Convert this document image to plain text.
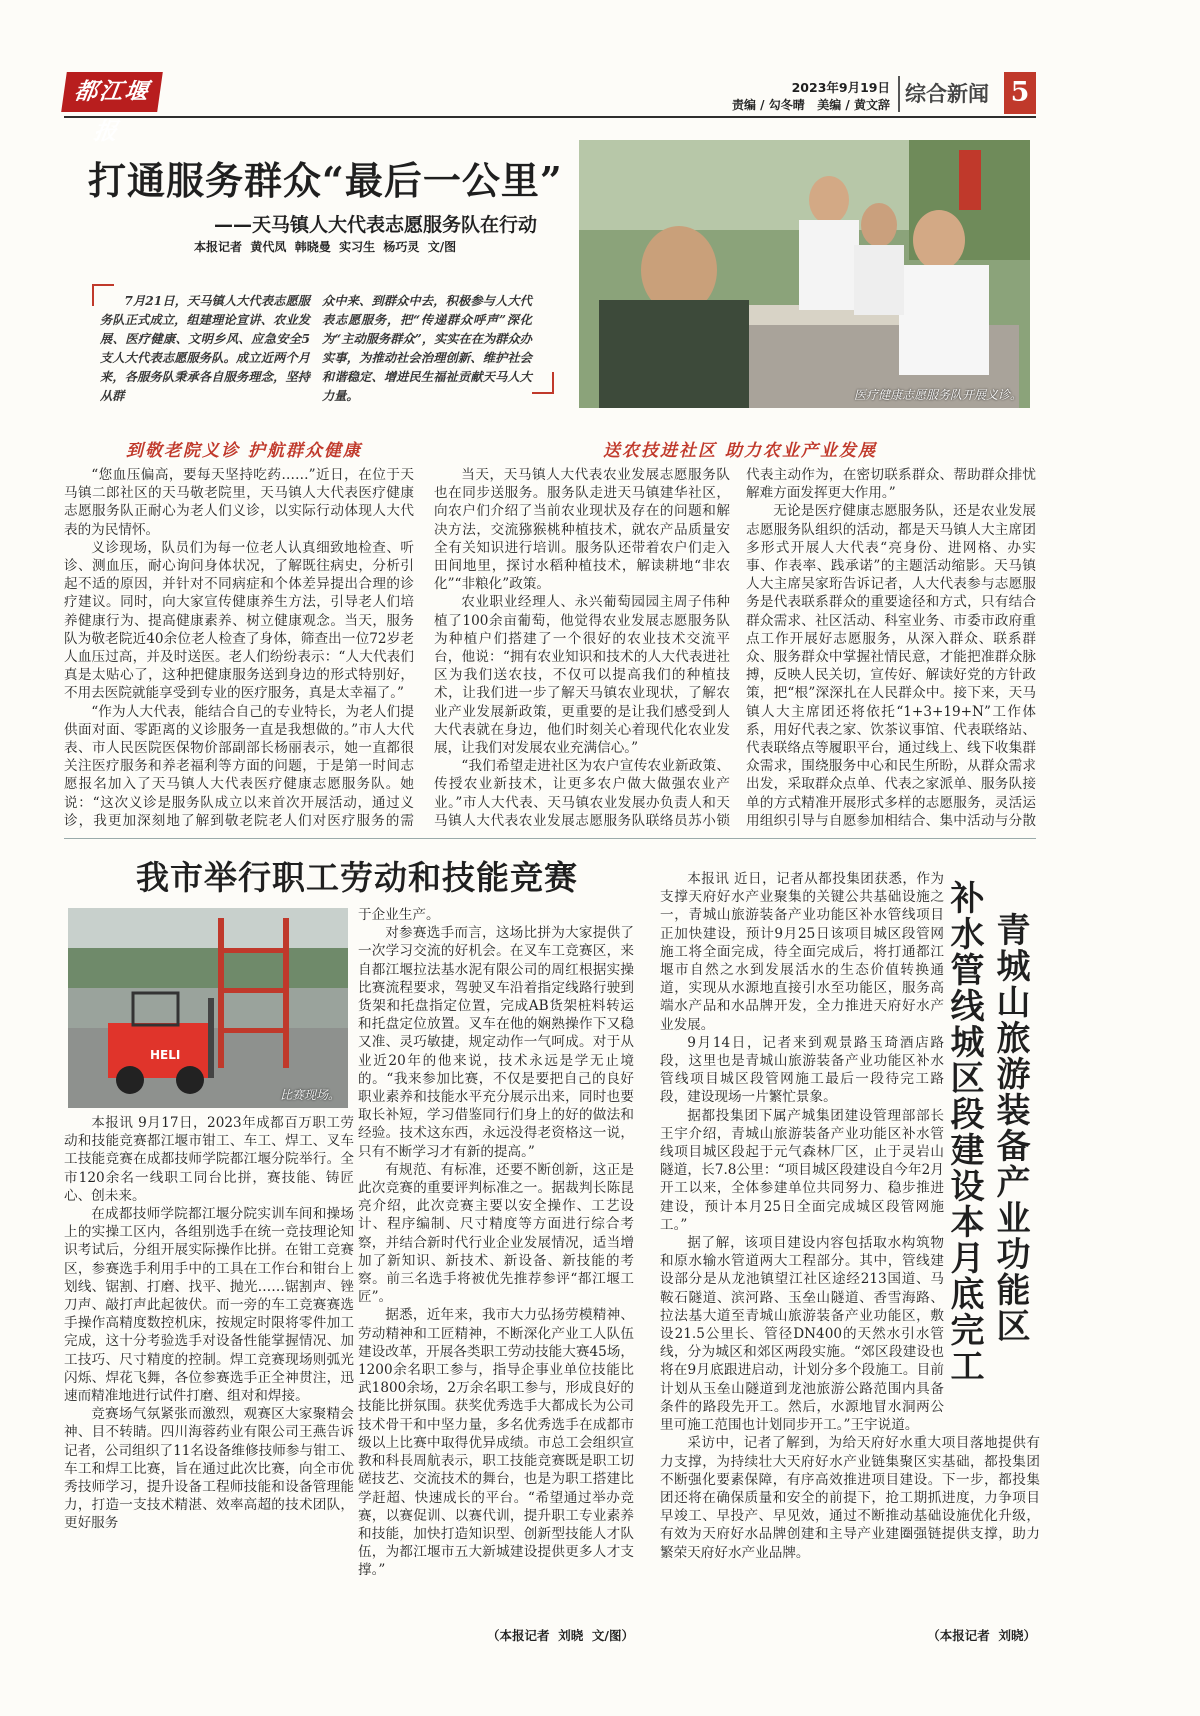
都江堰报
2023年9月19日
责编 / 勾冬晴   美编 / 黄文辞 综合新闻 5
打通服务群众“最后一公里”
——天马镇人大代表志愿服务队在行动
本报记者  黄代凤  韩晓曼  实习生  杨巧灵  文/图
7月21日，天马镇人大代表志愿服务队正式成立，组建理论宣讲、农业发展、医疗健康、文明乡风、应急安全5支人大代表志愿服务队。成立近两个月来，各服务队秉承各自服务理念，坚持从群
众中来、到群众中去，积极参与人大代表志愿服务，把“传递群众呼声”深化为“主动服务群众”，实实在在为群众办实事，为推动社会治理创新、维护社会和谐稳定、增进民生福祉贡献天马人大力量。	医疗健康志愿服务队开展义诊。
到敬老院义诊 护航群众健康	送农技进社区 助力农业产业发展

“您血压偏高，要每天坚持吃药……”近日，在位于天马镇二郎社区的天马敬老院里，天马镇人大代表医疗健康志愿服务队正耐心为老人们义诊，以实际行动体现人大代表的为民情怀。

义诊现场，队员们为每一位老人认真细致地检查、听诊、测血压，耐心询问身体状况，了解既往病史，分析引起不适的原因，并针对不同病症和个体差异提出合理的诊疗建议。同时，向大家宣传健康养生方法，引导老人们培养健康行为、提高健康素养、树立健康观念。当天，服务队为敬老院近40余位老人检查了身体，筛查出一位72岁老人血压过高，并及时送医。老人们纷纷表示：“人大代表们真是太贴心了，这种把健康服务送到身边的形式特别好，不用去医院就能享受到专业的医疗服务，真是太幸福了。”

“作为人大代表，能结合自己的专业特长，为老人们提供面对面、零距离的义诊服务一直是我想做的。”市人大代表、市人民医院医保物价部副部长杨丽表示，她一直都很关注医疗服务和养老福利等方面的问题，于是第一时间志愿报名加入了天马镇人大代表医疗健康志愿服务队。她说：“这次义诊是服务队成立以来首次开展活动，通过义诊，我更加深刻地了解到敬老院老人们对医疗服务的需

当天，天马镇人大代表农业发展志愿服务队也在同步送服务。服务队走进天马镇建华社区，向农户们介绍了当前农业现状及存在的问题和解决方法，交流猕猴桃种植技术，就农产品质量安全有关知识进行培训。服务队还带着农户们走入田间地里，探讨水稻种植技术，解读耕地“非农化”“非粮化”政策。

农业职业经理人、永兴葡萄园园主周子伟种植了100余亩葡萄，他觉得农业发展志愿服务队为种植户们搭建了一个很好的农业技术交流平台，他说：“拥有农业知识和技术的人大代表进社区为我们送农技，不仅可以提高我们的种植技术，让我们进一步了解天马镇农业现状，了解农业产业发展新政策，更重要的是让我们感受到人大代表就在身边，他们时刻关心着现代化农业发展，让我们对发展农业充满信心。”

“我们希望走进社区为农户宣传农业新政策、传授农业新技术，让更多农户做大做强农业产业。”市人大代表、天马镇农业发展办负责人和天马镇人大代表农业发展志愿服务队联络员苏小锁

代表主动作为，在密切联系群众、帮助群众排忧解难方面发挥更大作用。”

无论是医疗健康志愿服务队，还是农业发展志愿服务队组织的活动，都是天马镇人大主席团多形式开展人大代表“亮身份、进网格、办实事、作表率、践承诺”的主题活动缩影。天马镇人大主席吴家珩告诉记者，人大代表参与志愿服务是代表联系群众的重要途径和方式，只有结合群众需求、社区活动、科室业务、市委市政府重点工作开展好志愿服务，从深入群众、联系群众、服务群众中掌握社情民意，才能把准群众脉搏，反映人民关切，宣传好、解读好党的方针政策，把“根”深深扎在人民群众中。接下来，天马镇人大主席团还将依托“1+3+19+N”工作体系，用好代表之家、饮茶议事馆、代表联络站、代表联络点等履职平台，通过线上、线下收集群众需求，围绕服务中心和民生所盼，从群众需求出发，采取群众点单、代表之家派单、服务队接单的方式精准开展形式多样的志愿服务，灵活运用组织引导与自愿参加相结合、集中活动与分散

我市举行职工劳动和技能竞赛
HELI
比赛现场。

本报讯 9月17日，2023年成都百万职工劳动和技能竞赛都江堰市钳工、车工、焊工、叉车工技能竞赛在成都技师学院都江堰分院举行。全市120余名一线职工同台比拼，赛技能、铸匠心、创未来。

在成都技师学院都江堰分院实训车间和操场上的实操工区内，各组别选手在统一竞技理论知识考试后，分组开展实际操作比拼。在钳工竞赛区，参赛选手利用手中的工具在工作台和钳台上划线、锯割、打磨、找平、抛光……锯割声、锉刀声、敲打声此起彼伏。而一旁的车工竞赛赛选手操作高精度数控机床，按规定时限将零件加工完成，这十分考验选手对设备性能掌握情况、加工技巧、尺寸精度的控制。焊工竞赛现场则弧光闪烁、焊花飞舞，各位参赛选手正全神贯注，迅速而精准地进行试件打磨、组对和焊接。

竞赛场气氛紧张而激烈，观赛区大家聚精会神、目不转睛。四川海蓉药业有限公司王燕告诉记者，公司组织了11名设备维修技师参与钳工、车工和焊工比赛，旨在通过此次比赛，向全市优秀技师学习，提升设备工程师技能和设备管理能力，打造一支技术精湛、效率高超的技术团队，更好服务

于企业生产。

对参赛选手而言，这场比拼为大家提供了一次学习交流的好机会。在叉车工竞赛区，来自都江堰拉法基水泥有限公司的周红根据实操比赛流程要求，驾驶叉车沿着指定线路行驶到货架和托盘指定位置，完成AB货架桩料转运和托盘定位放置。叉车在他的娴熟操作下又稳又准、灵巧敏捷，规定动作一气呵成。对于从业近20年的他来说，技术永远是学无止境的。“我来参加比赛，不仅是要把自己的良好职业素养和技能水平充分展示出来，同时也要取长补短，学习借鉴同行们身上的好的做法和经验。技术这东西，永远没得老资格这一说，只有不断学习才有新的提高。”

有规范、有标准，还要不断创新，这正是此次竞赛的重要评判标准之一。据裁判长陈昆亮介绍，此次竞赛主要以安全操作、工艺设计、程序编制、尺寸精度等方面进行综合考察，并结合新时代行业企业发展情况，适当增加了新知识、新技术、新设备、新技能的考察。前三名选手将被优先推荐参评“都江堰工匠”。

据悉，近年来，我市大力弘扬劳模精神、劳动精神和工匠精神，不断深化产业工人队伍建设改革，开展各类职工劳动技能大赛45场，1200余名职工参与，指导企事业单位技能比武1800余场，2万余名职工参与，形成良好的技能比拼氛围。获奖优秀选手大都成长为公司技术骨干和中坚力量，多名优秀选手在成都市级以上比赛中取得优异成绩。市总工会组织宣教和科長周航表示，职工技能竞赛既是职工切磋技艺、交流技术的舞台，也是为职工搭建比学赶超、快速成长的平台。“希望通过举办竞赛，以赛促训、以赛代训，提升职工专业素养和技能，加快打造知识型、创新型技能人才队伍，为都江堰市五大新城建设提供更多人才支撑。”

（本报记者  刘晓  文/图）
青城山旅游装备产业功能区
补水管线城区段建设本月底完工

本报讯 近日，记者从都投集团获悉，作为支撑天府好水产业聚集的关键公共基础设施之一，青城山旅游装备产业功能区补水管线项目正加快建设，预计9月25日该项目城区段管网施工将全面完成，待全面完成后，将打通都江堰市自然之水到发展活水的生态价值转换通道，实现从水源地直接引水至功能区，服务高端水产品和水品牌开发，全力推进天府好水产业发展。

9月14日，记者来到观景路玉琦酒店路段，这里也是青城山旅游装备产业功能区补水管线项目城区段管网施工最后一段待完工路段，建设现场一片繁忙景象。

据都投集团下属产城集团建设管理部部长王宇介绍，青城山旅游装备产业功能区补水管线项目城区段起于元气森林厂区，止于灵岩山隧道，长7.8公里：“项目城区段建设自今年2月开工以来，全体参建单位共同努力、稳步推进建设，预计本月25日全面完成城区段管网施工。”

据了解，该项目建设内容包括取水构筑物和原水输水管道两大工程部分。其中，管线建设部分是从龙池镇望江社区途经213国道、马鞍石隧道、滨河路、玉垒山隧道、香雪海路、拉法基大道至青城山旅游装备产业功能区，敷设21.5公里长、管径DN400的天然水引水管线，分为城区和郊区两段实施。“郊区段建设也将在9月底跟进启动，计划分多个段施工。目前计划从玉垒山隧道到龙池旅游公路范围内具备条件的路段先开工。然后，水源地冒水洞两公里可施工范围也计划同步开工。”王宇说道。

采访中，记者了解到，为给天府好水重大项目落地提供有力支撑，为持续壮大天府好水产业链集聚区实基础，都投集团不断强化要素保障，有序高效推进项目建设。下一步，都投集团还将在确保质量和安全的前提下，抢工期抓进度，力争项目早竣工、早投产、早见效，通过不断推动基础设施优化升级，有效为天府好水品牌创建和主导产业建圈强链提供支撑，助力繁荣天府好水产业品牌。

（本报记者  刘晓）
